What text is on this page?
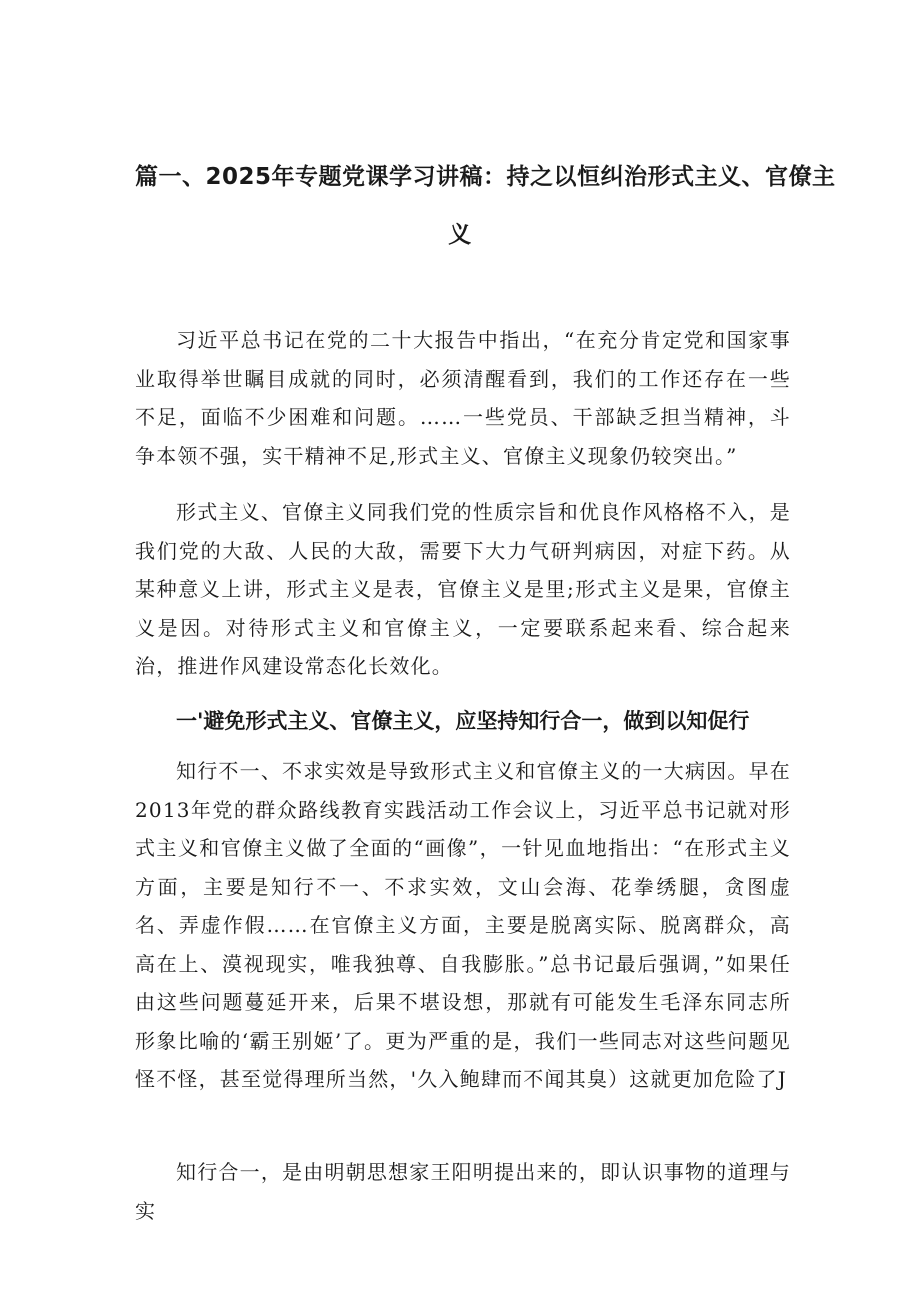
篇一、2025年专题党课学习讲稿：持之以恒纠治形式主义、官僚主
义

习近平总书记在党的二十大报告中指出，“在充分肯定党和国家事业取得举世瞩目成就的同时，必须清醒看到，我们的工作还存在一些不足，面临不少困难和问题。……一些党员、干部缺乏担当精神，斗争本领不强，实干精神不足,形式主义、官僚主义现象仍较突出。”

形式主义、官僚主义同我们党的性质宗旨和优良作风格格不入，是我们党的大敌、人民的大敌，需要下大力气研判病因，对症下药。从某种意义上讲，形式主义是表，官僚主义是里;形式主义是果，官僚主义是因。对待形式主义和官僚主义，一定要联系起来看、综合起来治，推进作风建设常态化长效化。

一'避免形式主义、官僚主义，应坚持知行合一，做到以知促行

知行不一、不求实效是导致形式主义和官僚主义的一大病因。早在2013年党的群众路线教育实践活动工作会议上，习近平总书记就对形式主义和官僚主义做了全面的“画像”，一针见血地指出：“在形式主义方面，主要是知行不一、不求实效，文山会海、花拳绣腿，贪图虚名、弄虚作假……在官僚主义方面，主要是脱离实际、脱离群众，高高在上、漠视现实，唯我独尊、自我膨胀。”总书记最后强调，”如果任由这些问题蔓延开来，后果不堪设想，那就有可能发生毛泽东同志所形象比喻的‘霸王别姬’了。更为严重的是，我们一些同志对这些问题见怪不怪，甚至觉得理所当然，'久入鲍肆而不闻其臭）这就更加危险了J

知行合一，是由明朝思想家王阳明提出来的，即认识事物的道理与实
